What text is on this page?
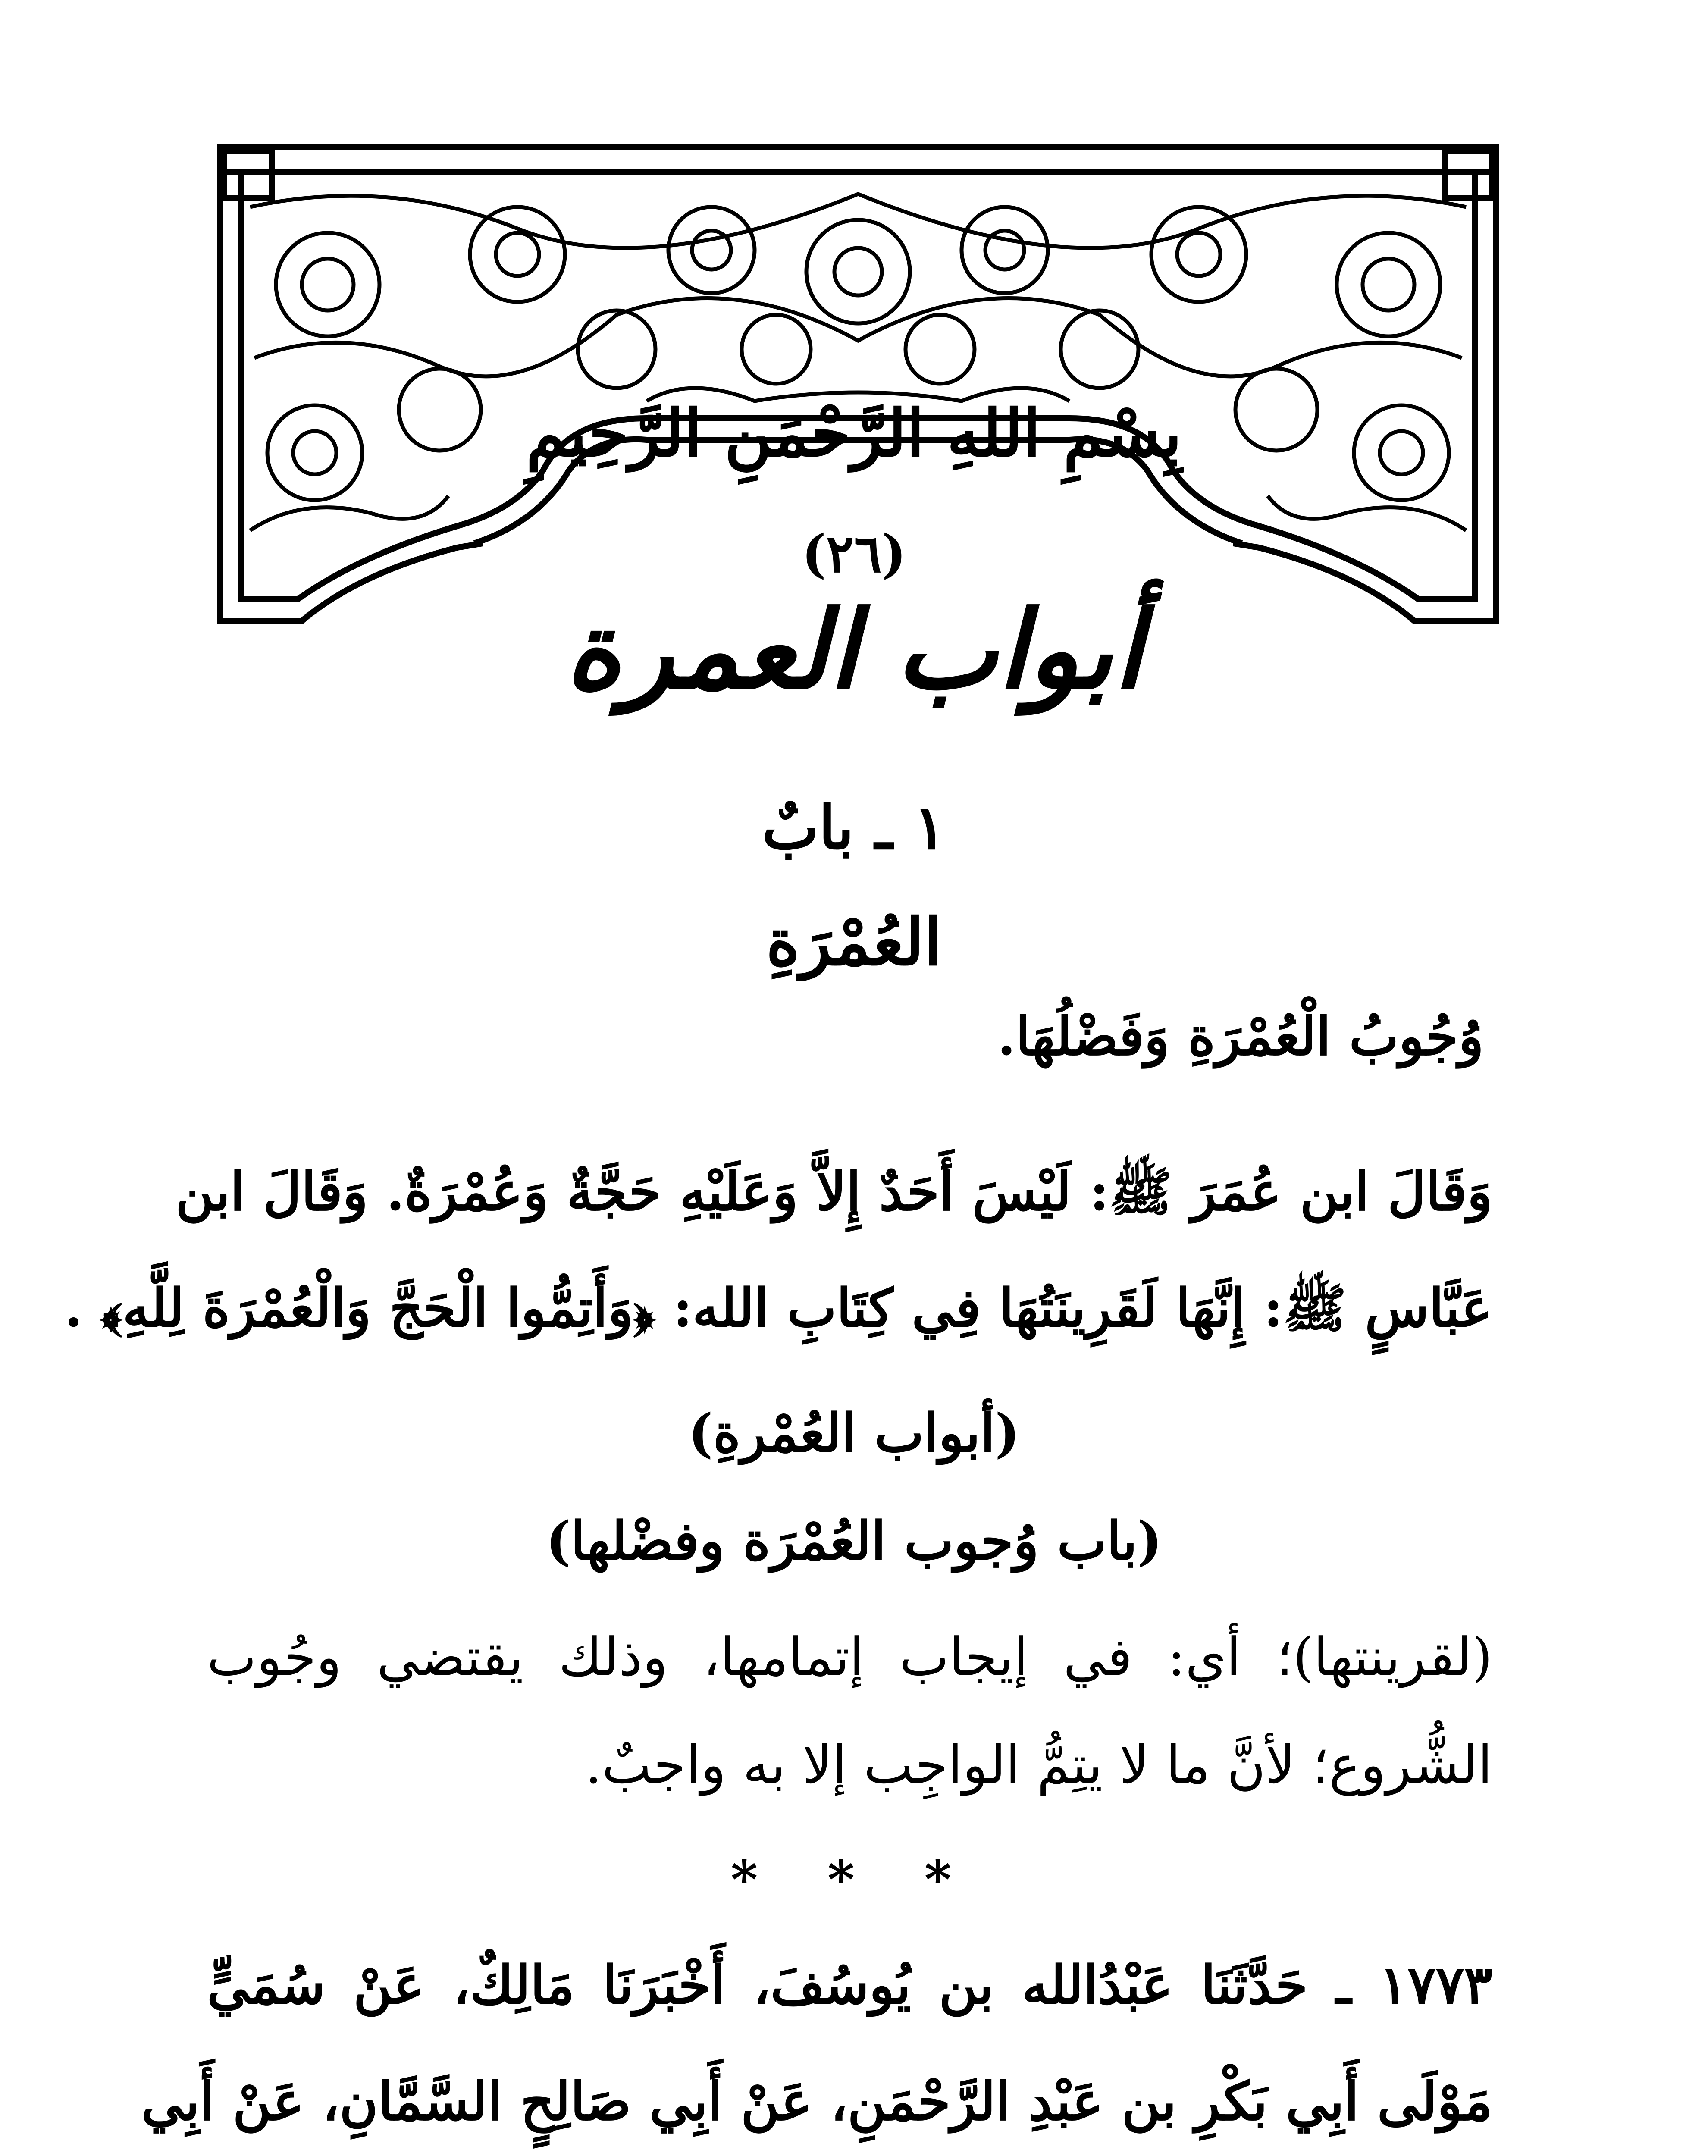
بِسْمِ اللهِ الرَّحْمَنِ الرَّحِيمِ
(٢٦)
أبواب العمرة
١ ـ بابٌ
العُمْرَةِ
وُجُوبُ الْعُمْرَةِ وَفَضْلُهَا.
وَقَالَ ابن عُمَرَ ﷺ: لَيْسَ أَحَدٌ إِلاَّ وَعَلَيْهِ حَجَّةٌ وَعُمْرَةٌ. وَقَالَ ابن
عَبَّاسٍ ﷺ: إِنَّهَا لَقَرِينَتُهَا فِي كِتَابِ الله: ﴿وَأَتِمُّوا الْحَجَّ وَالْعُمْرَةَ لِلَّهِ﴾ .
(أبواب العُمْرةِ)
(باب وُجوب العُمْرَة وفضْلها)
(لقرينتها)؛ أي: في إيجاب إتمامها، وذلك يقتضي وجُوب
الشُّروع؛ لأنَّ ما لا يتِمُّ الواجِب إلا به واجبٌ.
* * *
١٧٧٣ ـ حَدَّثَنَا عَبْدُالله بن يُوسُفَ، أَخْبَرَنَا مَالِكٌ، عَنْ سُمَيٍّ
مَوْلَى أَبِي بَكْرِ بن عَبْدِ الرَّحْمَنِ، عَنْ أَبِي صَالِحٍ السَّمَّانِ، عَنْ أَبِي
